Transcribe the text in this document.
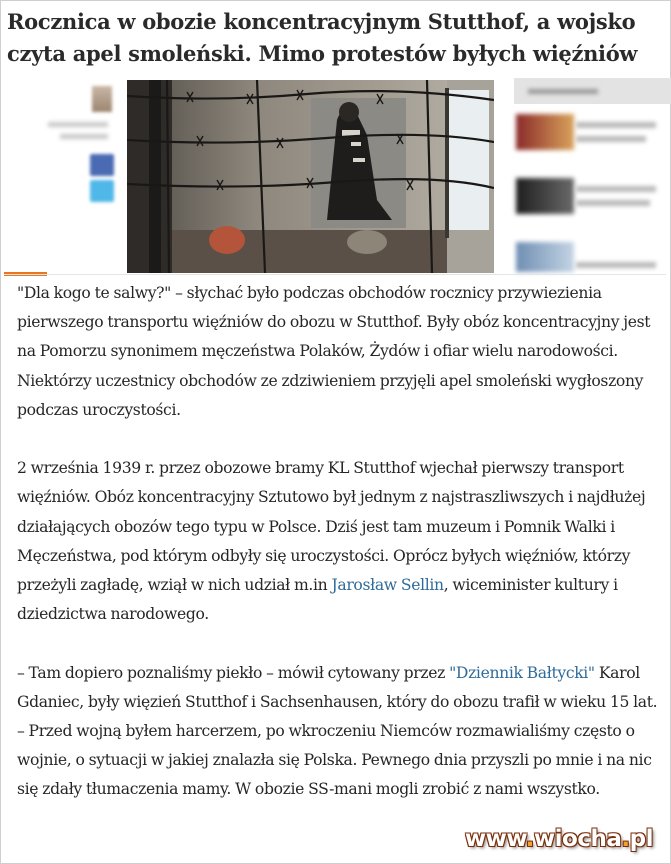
Rocznica w obozie koncentracyjnym Stutthof, a wojsko czyta apel smoleński. Mimo protestów byłych więźniów

"Dla kogo te salwy?" – słychać było podczas obchodów rocznicy przywiezienia pierwszego transportu więźniów do obozu w Stutthof. Były obóz koncentracyjny jest na Pomorzu synonimem męczeństwa Polaków, Żydów i ofiar wielu narodowości. Niektórzy uczestnicy obchodów ze zdziwieniem przyjęli apel smoleński wygłoszony podczas uroczystości.

2 września 1939 r. przez obozowe bramy KL Stutthof wjechał pierwszy transport więźniów. Obóz koncentracyjny Sztutowo był jednym z najstraszliwszych i najdłużej działających obozów tego typu w Polsce. Dziś jest tam muzeum i Pomnik Walki i Męczeństwa, pod którym odbyły się uroczystości. Oprócz byłych więźniów, którzy przeżyli zagładę, wziął w nich udział m.in Jarosław Sellin, wiceminister kultury i dziedzictwa narodowego.

– Tam dopiero poznaliśmy piekło – mówił cytowany przez "Dziennik Bałtycki" Karol Gdaniec, były więzień Stutthof i Sachsenhausen, który do obozu trafił w wieku 15 lat. – Przed wojną byłem harcerzem, po wkroczeniu Niemców rozmawialiśmy często o wojnie, o sytuacji w jakiej znalazła się Polska. Pewnego dnia przyszli po mnie i na nic się zdały tłumaczenia mamy. W obozie SS-mani mogli zrobić z nami wszystko.

www.wiocha.pl
